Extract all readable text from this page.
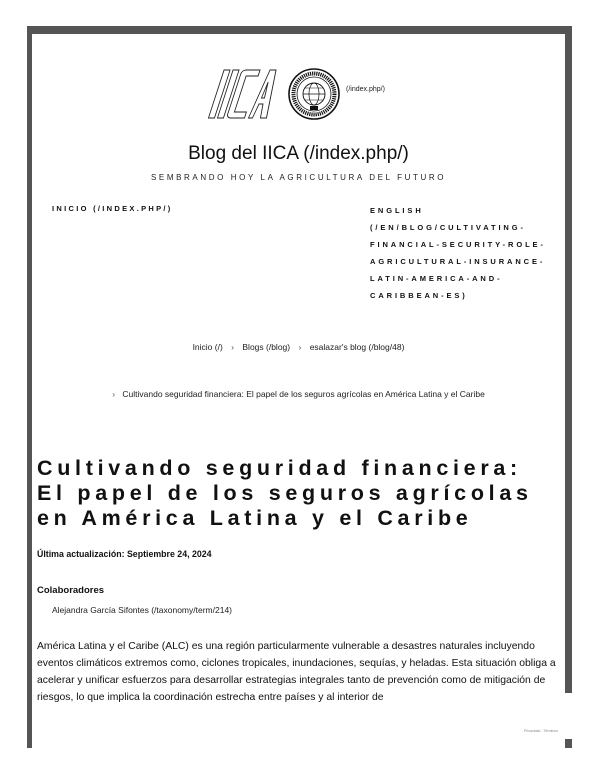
(/index.php/)
Blog del IICA (/index.php/)
SEMBRANDO HOY LA AGRICULTURA DEL FUTURO
INICIO (/INDEX.PHP/)	ENGLISH (/EN/BLOG/CULTIVATING-FINANCIAL-SECURITY-ROLE-AGRICULTURAL-INSURANCE-LATIN-AMERICA-AND-CARIBBEAN-ES)
Inicio (/) › Blogs (/blog) › esalazar's blog (/blog/48)
› Cultivando seguridad financiera: El papel de los seguros agrícolas en América Latina y el Caribe
Cultivando seguridad financiera: El papel de los seguros agrícolas en América Latina y el Caribe
Última actualización: Septiembre 24, 2024
Colaboradores
Alejandra García Sifontes (/taxonomy/term/214)

América Latina y el Caribe (ALC) es una región particularmente vulnerable a desastres naturales incluyendo eventos climáticos extremos como, ciclones tropicales, inundaciones, sequías, y heladas. Esta situación obliga a acelerar y unificar esfuerzos para desarrollar estrategias integrales tanto de prevención como de mitigación de riesgos, lo que implica la coordinación estrecha entre países y al interior de

Privacidad - Términos
